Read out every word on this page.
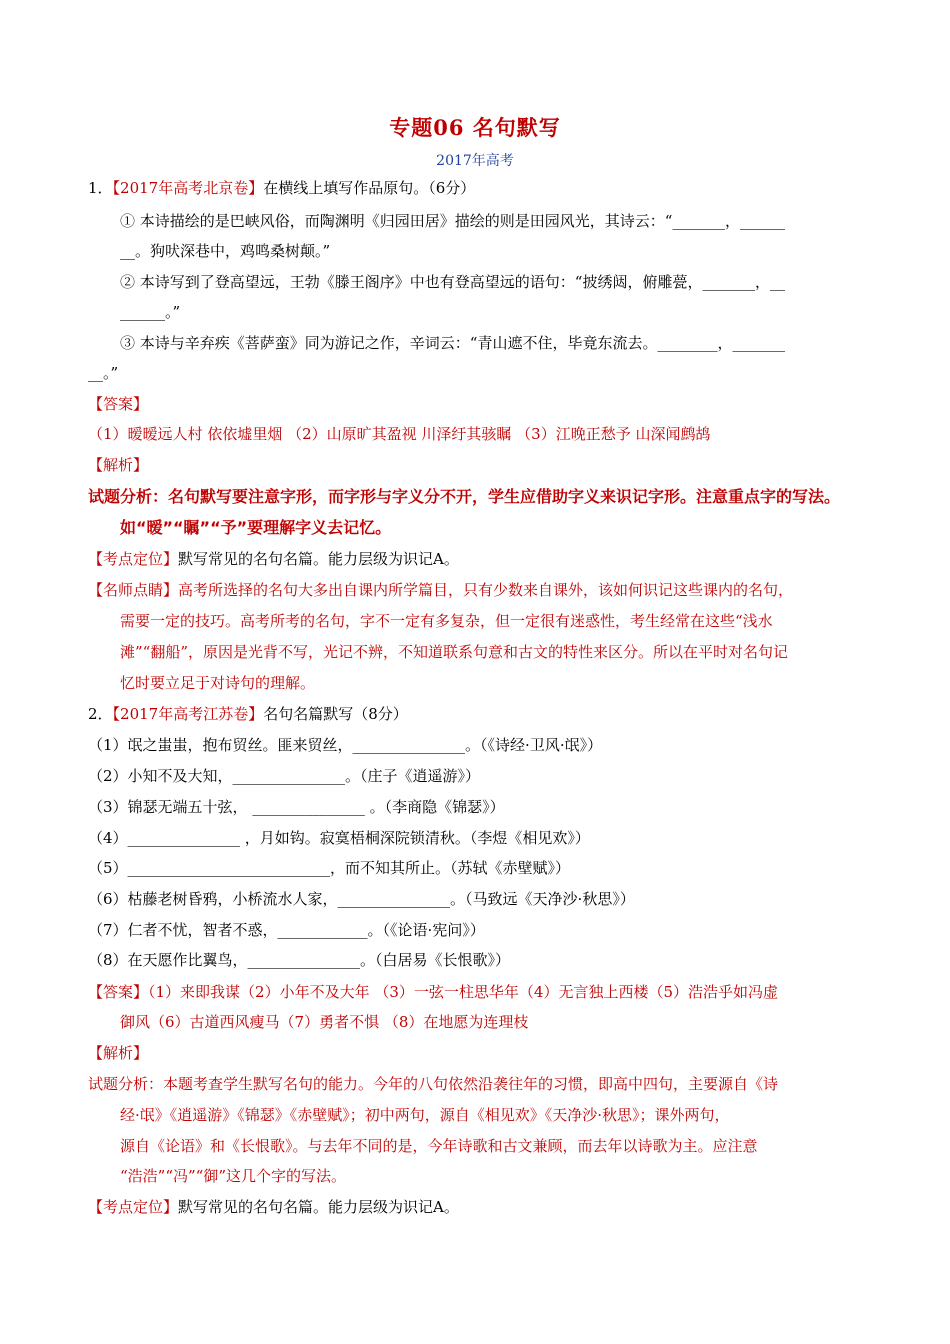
专题06 名句默写
2017年高考
1．【2017年高考北京卷】在横线上填写作品原句。（6分）
① 本诗描绘的是巴峡风俗，而陶渊明《归园田居》描绘的则是田园风光，其诗云：“_______，______
__。狗吠深巷中，鸡鸣桑树颠。”
② 本诗写到了登高望远，王勃《滕王阁序》中也有登高望远的语句：“披绣闼，俯雕甍，_______，__
______。”
③ 本诗与辛弃疾《菩萨蛮》同为游记之作，辛词云：“青山遮不住，毕竟东流去。________，_______
__。”
【答案】
（1）暧暧远人村 依依墟里烟 （2）山原旷其盈视 川泽纡其骇瞩 （3）江晚正愁予 山深闻鹧鸪
【解析】
试题分析：名句默写要注意字形，而字形与字义分不开，学生应借助字义来识记字形。注意重点字的写法。
如“暧”“瞩”“予”要理解字义去记忆。
【考点定位】默写常见的名句名篇。能力层级为识记A。
【名师点睛】高考所选择的名句大多出自课内所学篇目，只有少数来自课外，该如何识记这些课内的名句，
需要一定的技巧。高考所考的名句，字不一定有多复杂，但一定很有迷惑性，考生经常在这些“浅水
滩”“翻船”，原因是光背不写，光记不辨，不知道联系句意和古文的特性来区分。所以在平时对名句记
忆时要立足于对诗句的理解。
2．【2017年高考江苏卷】名句名篇默写（8分）
（1）氓之蚩蚩，抱布贸丝。匪来贸丝，_______________。（《诗经·卫风·氓》）
（2）小知不及大知，_______________。（庄子《逍遥游》）
（3）锦瑟无端五十弦， _______________ 。（李商隐《锦瑟》）
（4）_______________ ，月如钩。寂寞梧桐深院锁清秋。（李煜《相见欢》）
（5）___________________________，而不知其所止。（苏轼《赤壁赋》）
（6）枯藤老树昏鸦，小桥流水人家，_______________。（马致远《天净沙·秋思》）
（7）仁者不忧，智者不惑，____________。（《论语·宪问》）
（8）在天愿作比翼鸟，_______________。（白居易《长恨歌》）
【答案】（1）来即我谋（2）小年不及大年 （3）一弦一柱思华年（4）无言独上西楼（5）浩浩乎如冯虚
御风（6）古道西风瘦马（7）勇者不惧 （8）在地愿为连理枝
【解析】
试题分析：本题考查学生默写名句的能力。今年的八句依然沿袭往年的习惯，即高中四句，主要源自《诗
经·氓》《逍遥游》《锦瑟》《赤壁赋》；初中两句，源自《相见欢》《天净沙·秋思》；课外两句，
源自《论语》和《长恨歌》。与去年不同的是，今年诗歌和古文兼顾，而去年以诗歌为主。应注意
“浩浩”“冯”“御”这几个字的写法。
【考点定位】默写常见的名句名篇。能力层级为识记A。
